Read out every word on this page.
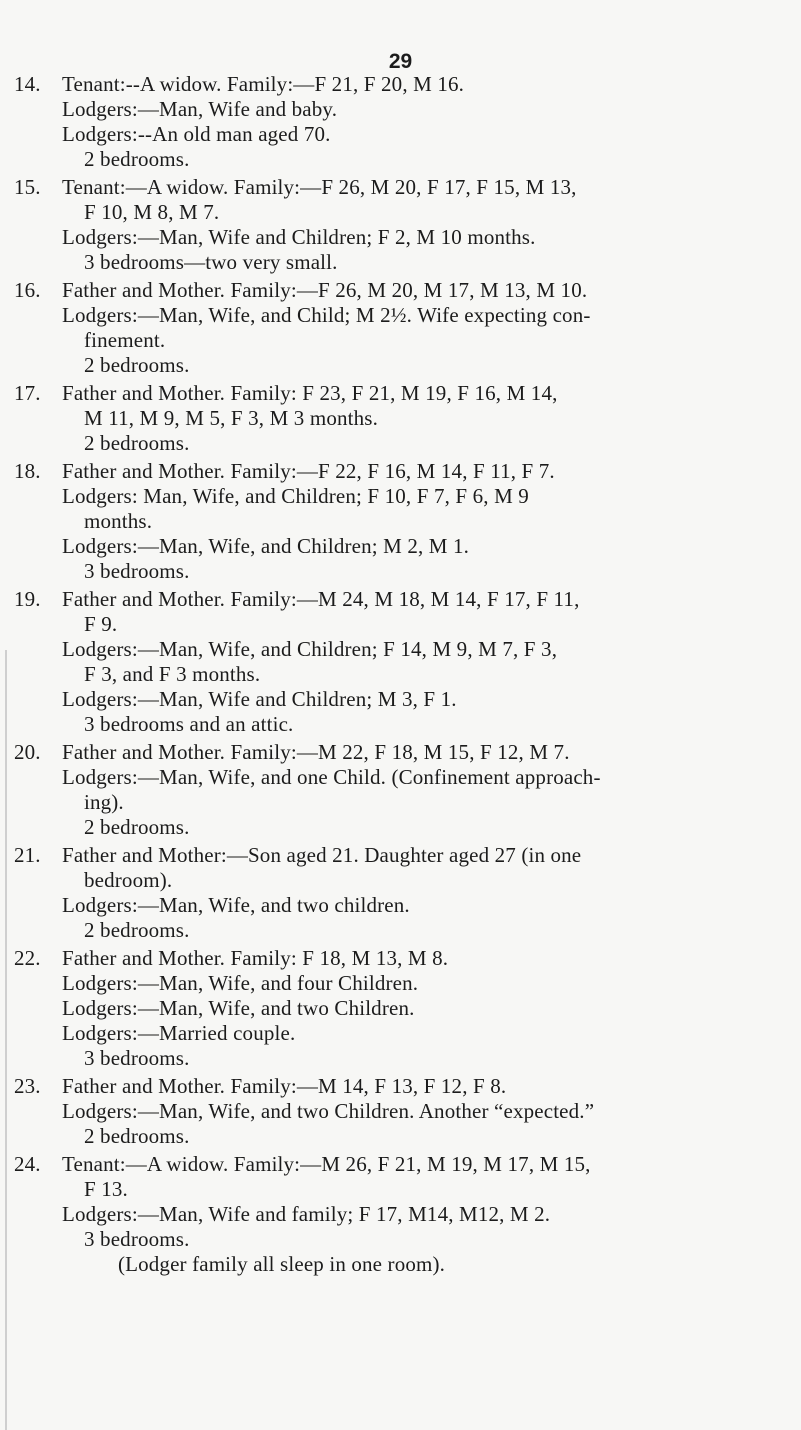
29
14. Tenant:--A widow. Family:—F 21, F 20, M 16.
Lodgers:—Man, Wife and baby.
Lodgers:--An old man aged 70.
2 bedrooms.
15. Tenant:—A widow. Family:—F 26, M 20, F 17, F 15, M 13,
F 10, M 8, M 7.
Lodgers:—Man, Wife and Children; F 2, M 10 months.
3 bedrooms—two very small.
16. Father and Mother. Family:—F 26, M 20, M 17, M 13, M 10.
Lodgers:—Man, Wife, and Child; M 2½. Wife expecting con-
finement.
2 bedrooms.
17. Father and Mother. Family: F 23, F 21, M 19, F 16, M 14,
M 11, M 9, M 5, F 3, M 3 months.
2 bedrooms.
18. Father and Mother. Family:—F 22, F 16, M 14, F 11, F 7.
Lodgers: Man, Wife, and Children; F 10, F 7, F 6, M 9
months.
Lodgers:—Man, Wife, and Children; M 2, M 1.
3 bedrooms.
19. Father and Mother. Family:—M 24, M 18, M 14, F 17, F 11,
F 9.
Lodgers:—Man, Wife, and Children; F 14, M 9, M 7, F 3,
F 3, and F 3 months.
Lodgers:—Man, Wife and Children; M 3, F 1.
3 bedrooms and an attic.
20. Father and Mother. Family:—M 22, F 18, M 15, F 12, M 7.
Lodgers:—Man, Wife, and one Child. (Confinement approach-
ing).
2 bedrooms.
21. Father and Mother:—Son aged 21. Daughter aged 27 (in one
bedroom).
Lodgers:—Man, Wife, and two children.
2 bedrooms.
22. Father and Mother. Family: F 18, M 13, M 8.
Lodgers:—Man, Wife, and four Children.
Lodgers:—Man, Wife, and two Children.
Lodgers:—Married couple.
3 bedrooms.
23. Father and Mother. Family:—M 14, F 13, F 12, F 8.
Lodgers:—Man, Wife, and two Children. Another “expected.”
2 bedrooms.
24. Tenant:—A widow. Family:—M 26, F 21, M 19, M 17, M 15,
F 13.
Lodgers:—Man, Wife and family; F 17, M14, M12, M 2.
3 bedrooms.
(Lodger family all sleep in one room).
